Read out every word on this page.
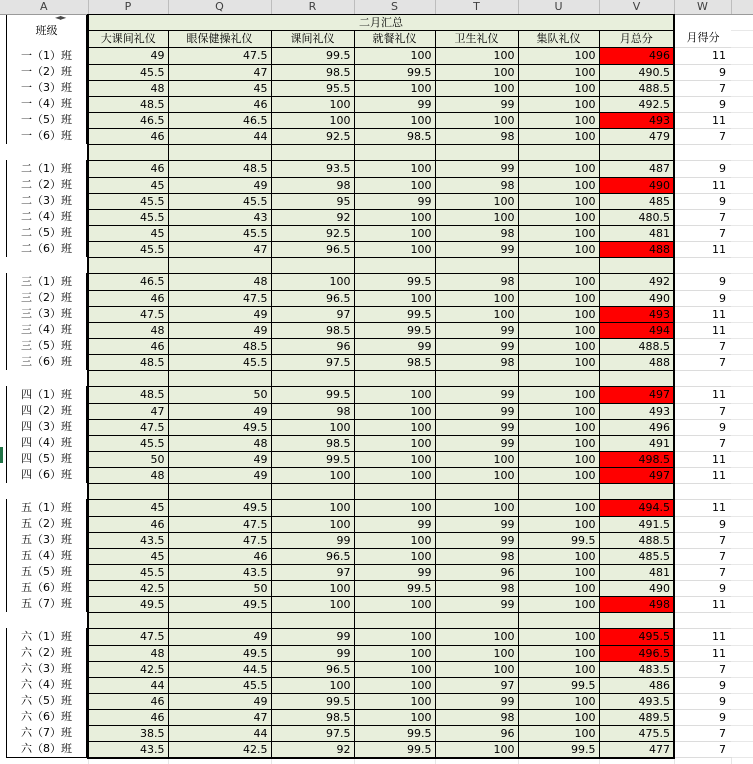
A	P	Q	R	S	T	U	V	W	

班级	二月汇总								
	大课间礼仪	眼保健操礼仪	课间礼仪	就餐礼仪	卫生礼仪	集队礼仪	月总分	月得分	

一（1）班	49	47.5	99.5	100	100	100	496	11	

一（2）班	45.5	47	98.5	99.5	100	100	490.5	9	

一（3）班	48	45	95.5	100	100	100	488.5	7	

一（4）班	48.5	46	100	99	99	100	492.5	9	

一（5）班	46.5	46.5	100	100	100	100	493	11	

一（6）班	46	44	92.5	98.5	98	100	479	7	

二（1）班	46	48.5	93.5	100	99	100	487	9	

二（2）班	45	49	98	100	98	100	490	11	

二（3）班	45.5	45.5	95	99	100	100	485	9	

二（4）班	45.5	43	92	100	100	100	480.5	7	

二（5）班	45	45.5	92.5	100	98	100	481	7	

二（6）班	45.5	47	96.5	100	99	100	488	11	

三（1）班	46.5	48	100	99.5	98	100	492	9	

三（2）班	46	47.5	96.5	100	100	100	490	9	

三（3）班	47.5	49	97	99.5	100	100	493	11	

三（4）班	48	49	98.5	99.5	99	100	494	11	

三（5）班	46	48.5	96	99	99	100	488.5	7	

三（6）班	48.5	45.5	97.5	98.5	98	100	488	7	

四（1）班	48.5	50	99.5	100	99	100	497	11	

四（2）班	47	49	98	100	99	100	493	7	

四（3）班	47.5	49.5	100	100	99	100	496	9	

四（4）班	45.5	48	98.5	100	99	100	491	7	

四（5）班	50	49	99.5	100	100	100	498.5	11	

四（6）班	48	49	100	100	100	100	497	11	

五（1）班	45	49.5	100	100	100	100	494.5	11	

五（2）班	46	47.5	100	99	99	100	491.5	9	

五（3）班	43.5	47.5	99	100	99	99.5	488.5	7	

五（4）班	45	46	96.5	100	98	100	485.5	7	

五（5）班	45.5	43.5	97	99	96	100	481	7	

五（6）班	42.5	50	100	99.5	98	100	490	9	

五（7）班	49.5	49.5	100	100	99	100	498	11	

六（1）班	47.5	49	99	100	100	100	495.5	11	

六（2）班	48	49.5	99	100	100	100	496.5	11	

六（3）班	42.5	44.5	96.5	100	100	100	483.5	7	

六（4）班	44	45.5	100	100	97	99.5	486	9	

六（5）班	46	49	99.5	100	99	100	493.5	9	

六（6）班	46	47	98.5	100	98	100	489.5	9	

六（7）班	38.5	44	97.5	99.5	96	100	475.5	7	

六（8）班	43.5	42.5	92	99.5	100	99.5	477	7	

◄►
